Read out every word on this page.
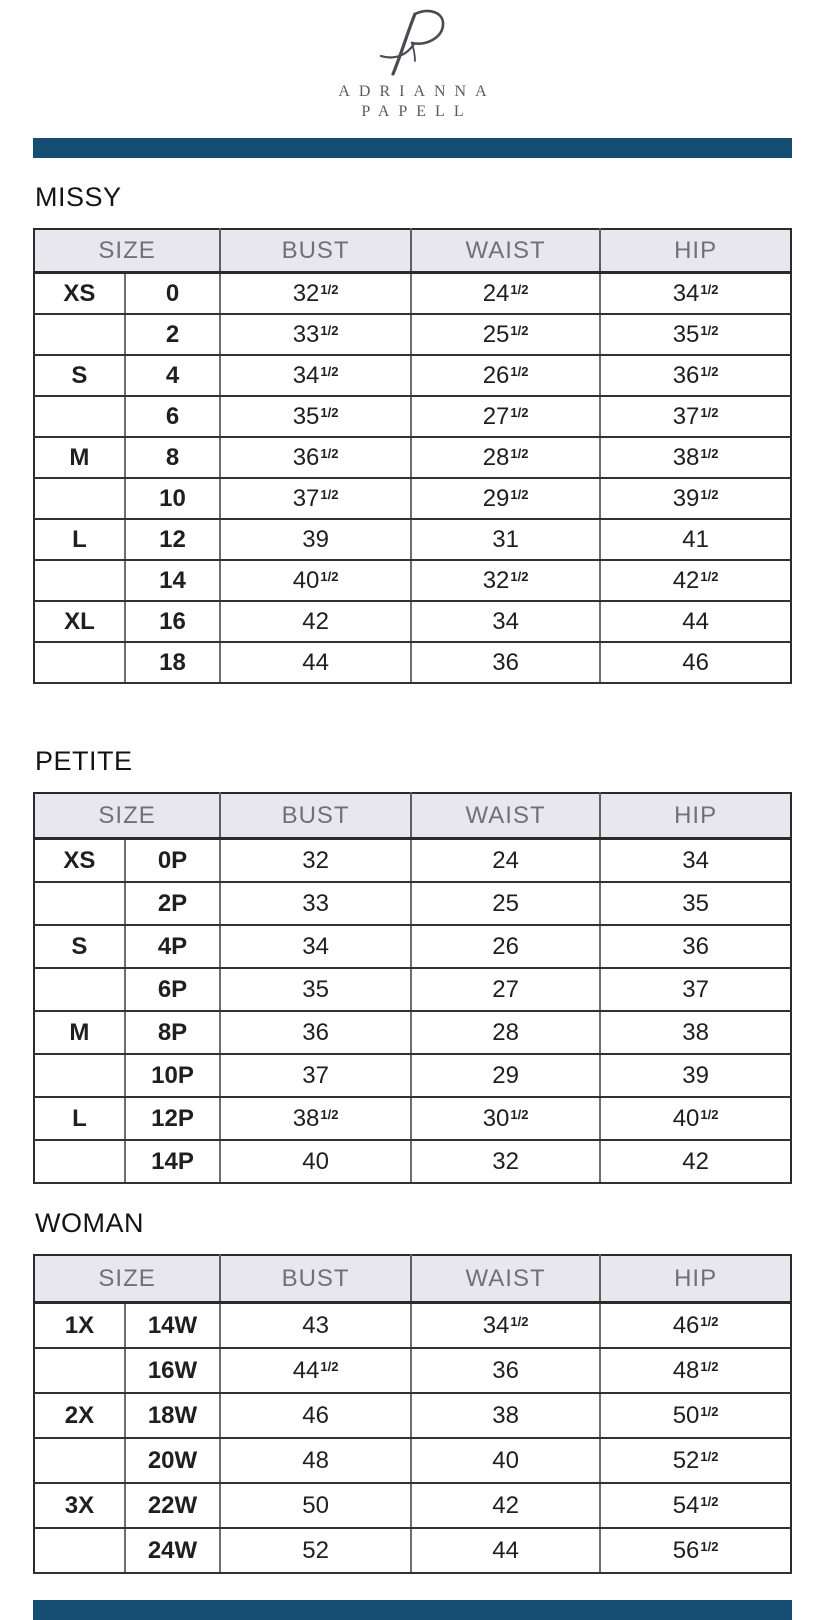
ADRIANNA
PAPELL
MISSY
SIZE		BUST	WAIST	HIP
XS	0	$32^{1/2}$	$24^{1/2}$	$34^{1/2}$
	2	$33^{1/2}$	$25^{1/2}$	$35^{1/2}$
S	4	$34^{1/2}$	$26^{1/2}$	$36^{1/2}$
	6	$35^{1/2}$	$27^{1/2}$	$37^{1/2}$
M	8	$36^{1/2}$	$28^{1/2}$	$38^{1/2}$
	10	$37^{1/2}$	$29^{1/2}$	$39^{1/2}$
L	12	39	31	41
	14	$40^{1/2}$	$32^{1/2}$	$42^{1/2}$
XL	16	42	34	44
	18	44	36	46
PETITE
SIZE		BUST	WAIST	HIP
XS	0P	32	24	34
	2P	33	25	35
S	4P	34	26	36
	6P	35	27	37
M	8P	36	28	38
	10P	37	29	39
L	12P	$38^{1/2}$	$30^{1/2}$	$40^{1/2}$
	14P	40	32	42
WOMAN
SIZE		BUST	WAIST	HIP
1X	14W	43	$34^{1/2}$	$46^{1/2}$
	16W	$44^{1/2}$	36	$48^{1/2}$
2X	18W	46	38	$50^{1/2}$
	20W	48	40	$52^{1/2}$
3X	22W	50	42	$54^{1/2}$
	24W	52	44	$56^{1/2}$
